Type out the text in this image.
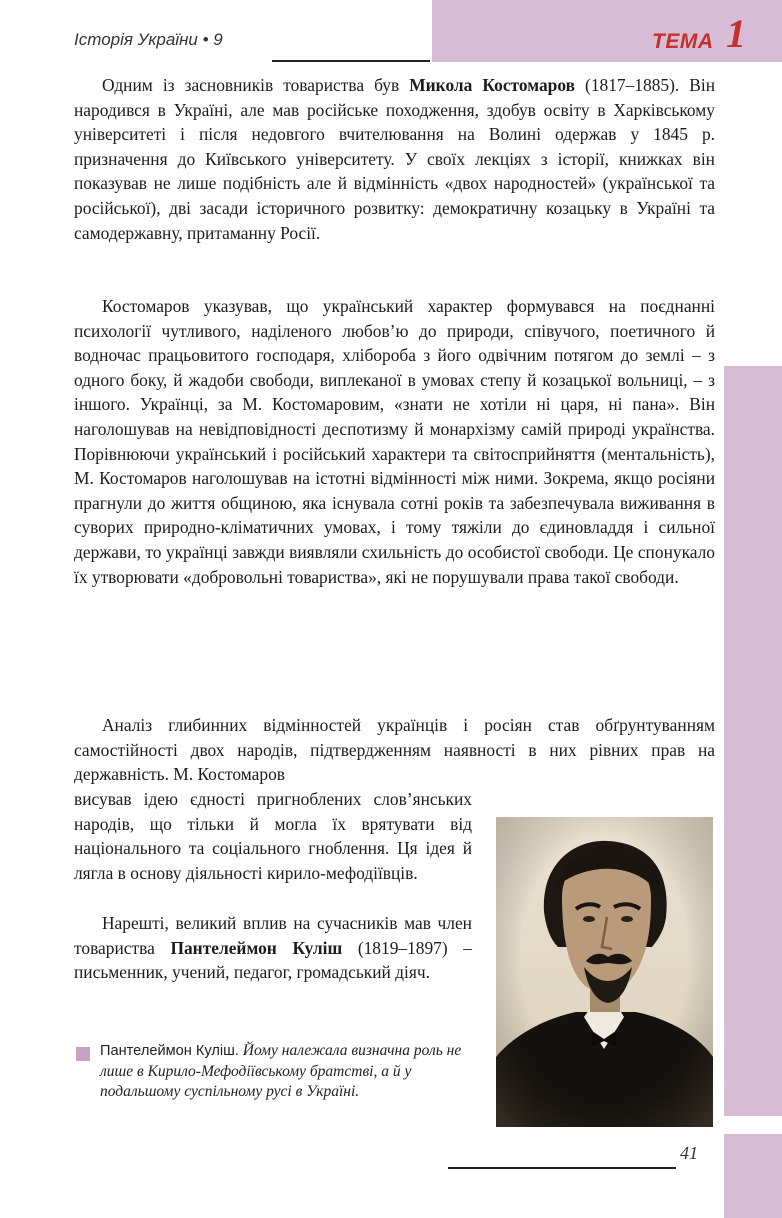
Історія України • 9	ТЕМА 1

Одним із засновників товариства був Микола Костомаров (1817–1885). Він народився в Україні, але мав російське походження, здобув освіту в Харківському університеті і після недовгого вчителювання на Волині одержав у 1845 р. призначення до Київського університету. У своїх лекціях з історії, книжках він показував не лише подібність але й відмінність «двох народностей» (української та російської), дві засади історичного розвитку: демократичну козацьку в Україні та самодержавну, притаманну Росії.

Костомаров указував, що український характер формувався на поєднанні психології чутливого, наділеного любов’ю до природи, співучого, поетичного й водночас працьовитого господаря, хлібороба з його одвічним потягом до землі – з одного боку, й жадоби свободи, виплеканої в умовах степу й козацької вольниці, – з іншого. Українці, за М. Костомаровим, «знати не хотіли ні царя, ні пана». Він наголошував на невідповідності деспотизму й монархізму самій природі українства. Порівнюючи український і російський характери та світосприйняття (ментальність), М. Костомаров наголошував на істотні відмінності між ними. Зокрема, якщо росіяни прагнули до життя общиною, яка існувала сотні років та забезпечувала виживання в суворих природно-кліматичних умовах, і тому тяжіли до єдиновладдя і сильної держави, то українці завжди виявляли схильність до особистої свободи. Це спонукало їх утворювати «добровольні товариства», які не порушували права такої свободи.

Аналіз глибинних відмінностей українців і росіян став обґрунтуванням самостійності двох народів, підтвердженням наявності в них рівних прав на державність. М. Костомаров

висував ідею єдності пригноблених слов’янських народів, що тільки й могла їх врятувати від національного та соціального гноблення. Ця ідея й лягла в основу діяльності кирило-мефодіївців.

Нарешті, великий вплив на сучасників мав член товариства Пантелеймон Куліш (1819–1897) – письменник, учений, педагог, громадський діяч.

Пантелеймон Куліш. Йому належала визначна роль не лише в Кирило-Мефодіївському братстві, а й у подальшому суспільному русі в Україні.
41
